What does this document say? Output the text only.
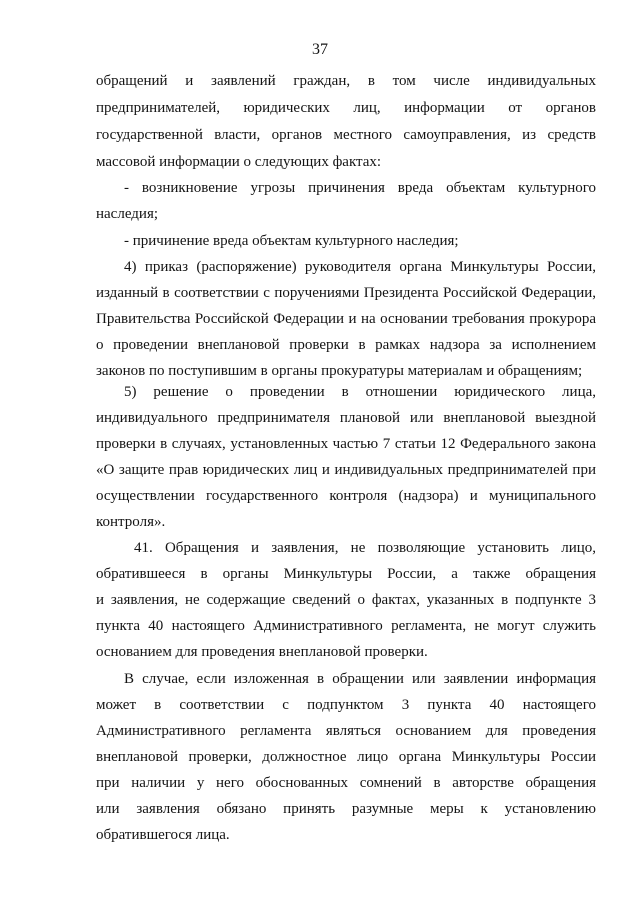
37
обращений и заявлений граждан, в том числе индивидуальных
предпринимателей, юридических лиц, информации от органов
государственной власти, органов местного самоуправления, из средств
массовой информации о следующих фактах:
- возникновение угрозы причинения вреда объектам культурного
наследия;
- причинение вреда объектам культурного наследия;
4) приказ (распоряжение) руководителя органа Минкультуры России,
изданный в соответствии с поручениями Президента Российской Федерации,
Правительства Российской Федерации и на основании требования прокурора
о проведении внеплановой проверки в рамках надзора за исполнением
законов по поступившим в органы прокуратуры материалам и обращениям;
5) решение о проведении в отношении юридического лица,
индивидуального предпринимателя плановой или внеплановой выездной
проверки в случаях, установленных частью 7 статьи 12 Федерального закона
«О защите прав юридических лиц и индивидуальных предпринимателей при
осуществлении государственного контроля (надзора) и муниципального
контроля».
41. Обращения и заявления, не позволяющие установить лицо,
обратившееся в органы Минкультуры России, а также обращения
и заявления, не содержащие сведений о фактах, указанных в подпункте 3
пункта 40 настоящего Административного регламента, не могут служить
основанием для проведения внеплановой проверки.
В случае, если изложенная в обращении или заявлении информация
может в соответствии с подпунктом 3 пункта 40 настоящего
Административного регламента являться основанием для проведения
внеплановой проверки, должностное лицо органа Минкультуры России
при наличии у него обоснованных сомнений в авторстве обращения
или заявления обязано принять разумные меры к установлению
обратившегося лица.
